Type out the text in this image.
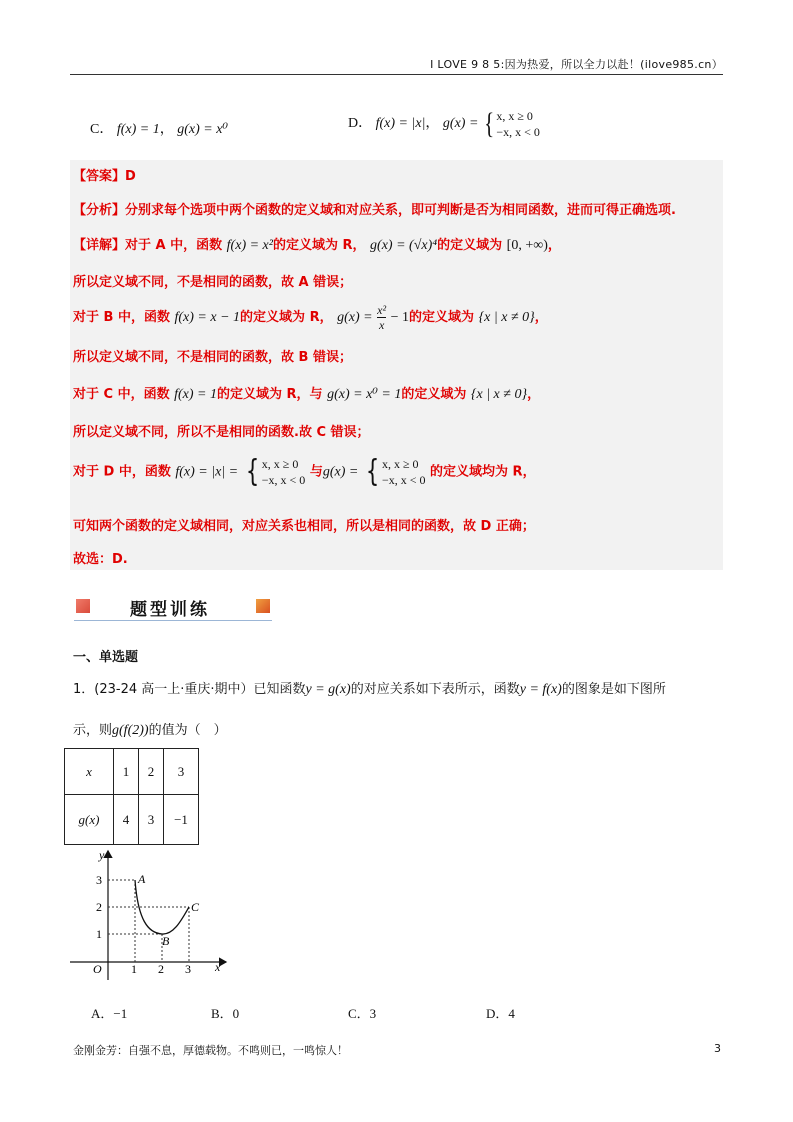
I LOVE 9 8 5:因为热爱，所以全力以赴！(ilove985.cn）
C． f(x) = 1， g(x) = x⁰	D． f(x) = |x|， g(x) = { x, x ≥ 0
−x, x < 0
【答案】D
【分析】分别求每个选项中两个函数的定义域和对应关系，即可判断是否为相同函数，进而可得正确选项.
【详解】对于 A 中，函数 f(x) = x²的定义域为 R， g(x) = (√x)⁴的定义域为 [0, +∞)，
所以定义域不同，不是相同的函数，故 A 错误；
对于 B 中，函数 f(x) = x − 1的定义域为 R， $g(x) = \frac{\text{x²}}{x} - 1$的定义域为 {x | x ≠ 0}，
所以定义域不同，不是相同的函数，故 B 错误；
对于 C 中，函数 f(x) = 1的定义域为 R，与 g(x) = x⁰ = 1的定义域为 {x | x ≠ 0}，
所以定义域不同，所以不是相同的函数.故 C 错误；
对于 D 中，函数 f(x) = |x| = { x, x ≥ 0
−x, x < 0 与g(x) = { x, x ≥ 0
−x, x < 0 的定义域均为 R，
可知两个函数的定义域相同，对应关系也相同，所以是相同的函数，故 D 正确；
故选：D.
题型训练
一、单选题
1．(23-24 高一上·重庆·期中）已知函数y = g(x)的对应关系如下表所示，函数y = f(x)的图象是如下图所
示，则g(f(2))的值为（　）
x	1	2	3
g(x)	4	3	−1
y
x
O
3
2
1
1 2 3
A
B
C
A．−1	B．0	C．3	D．4
金刚金芳：自强不息，厚德载物。不鸣则已，一鸣惊人！	3
